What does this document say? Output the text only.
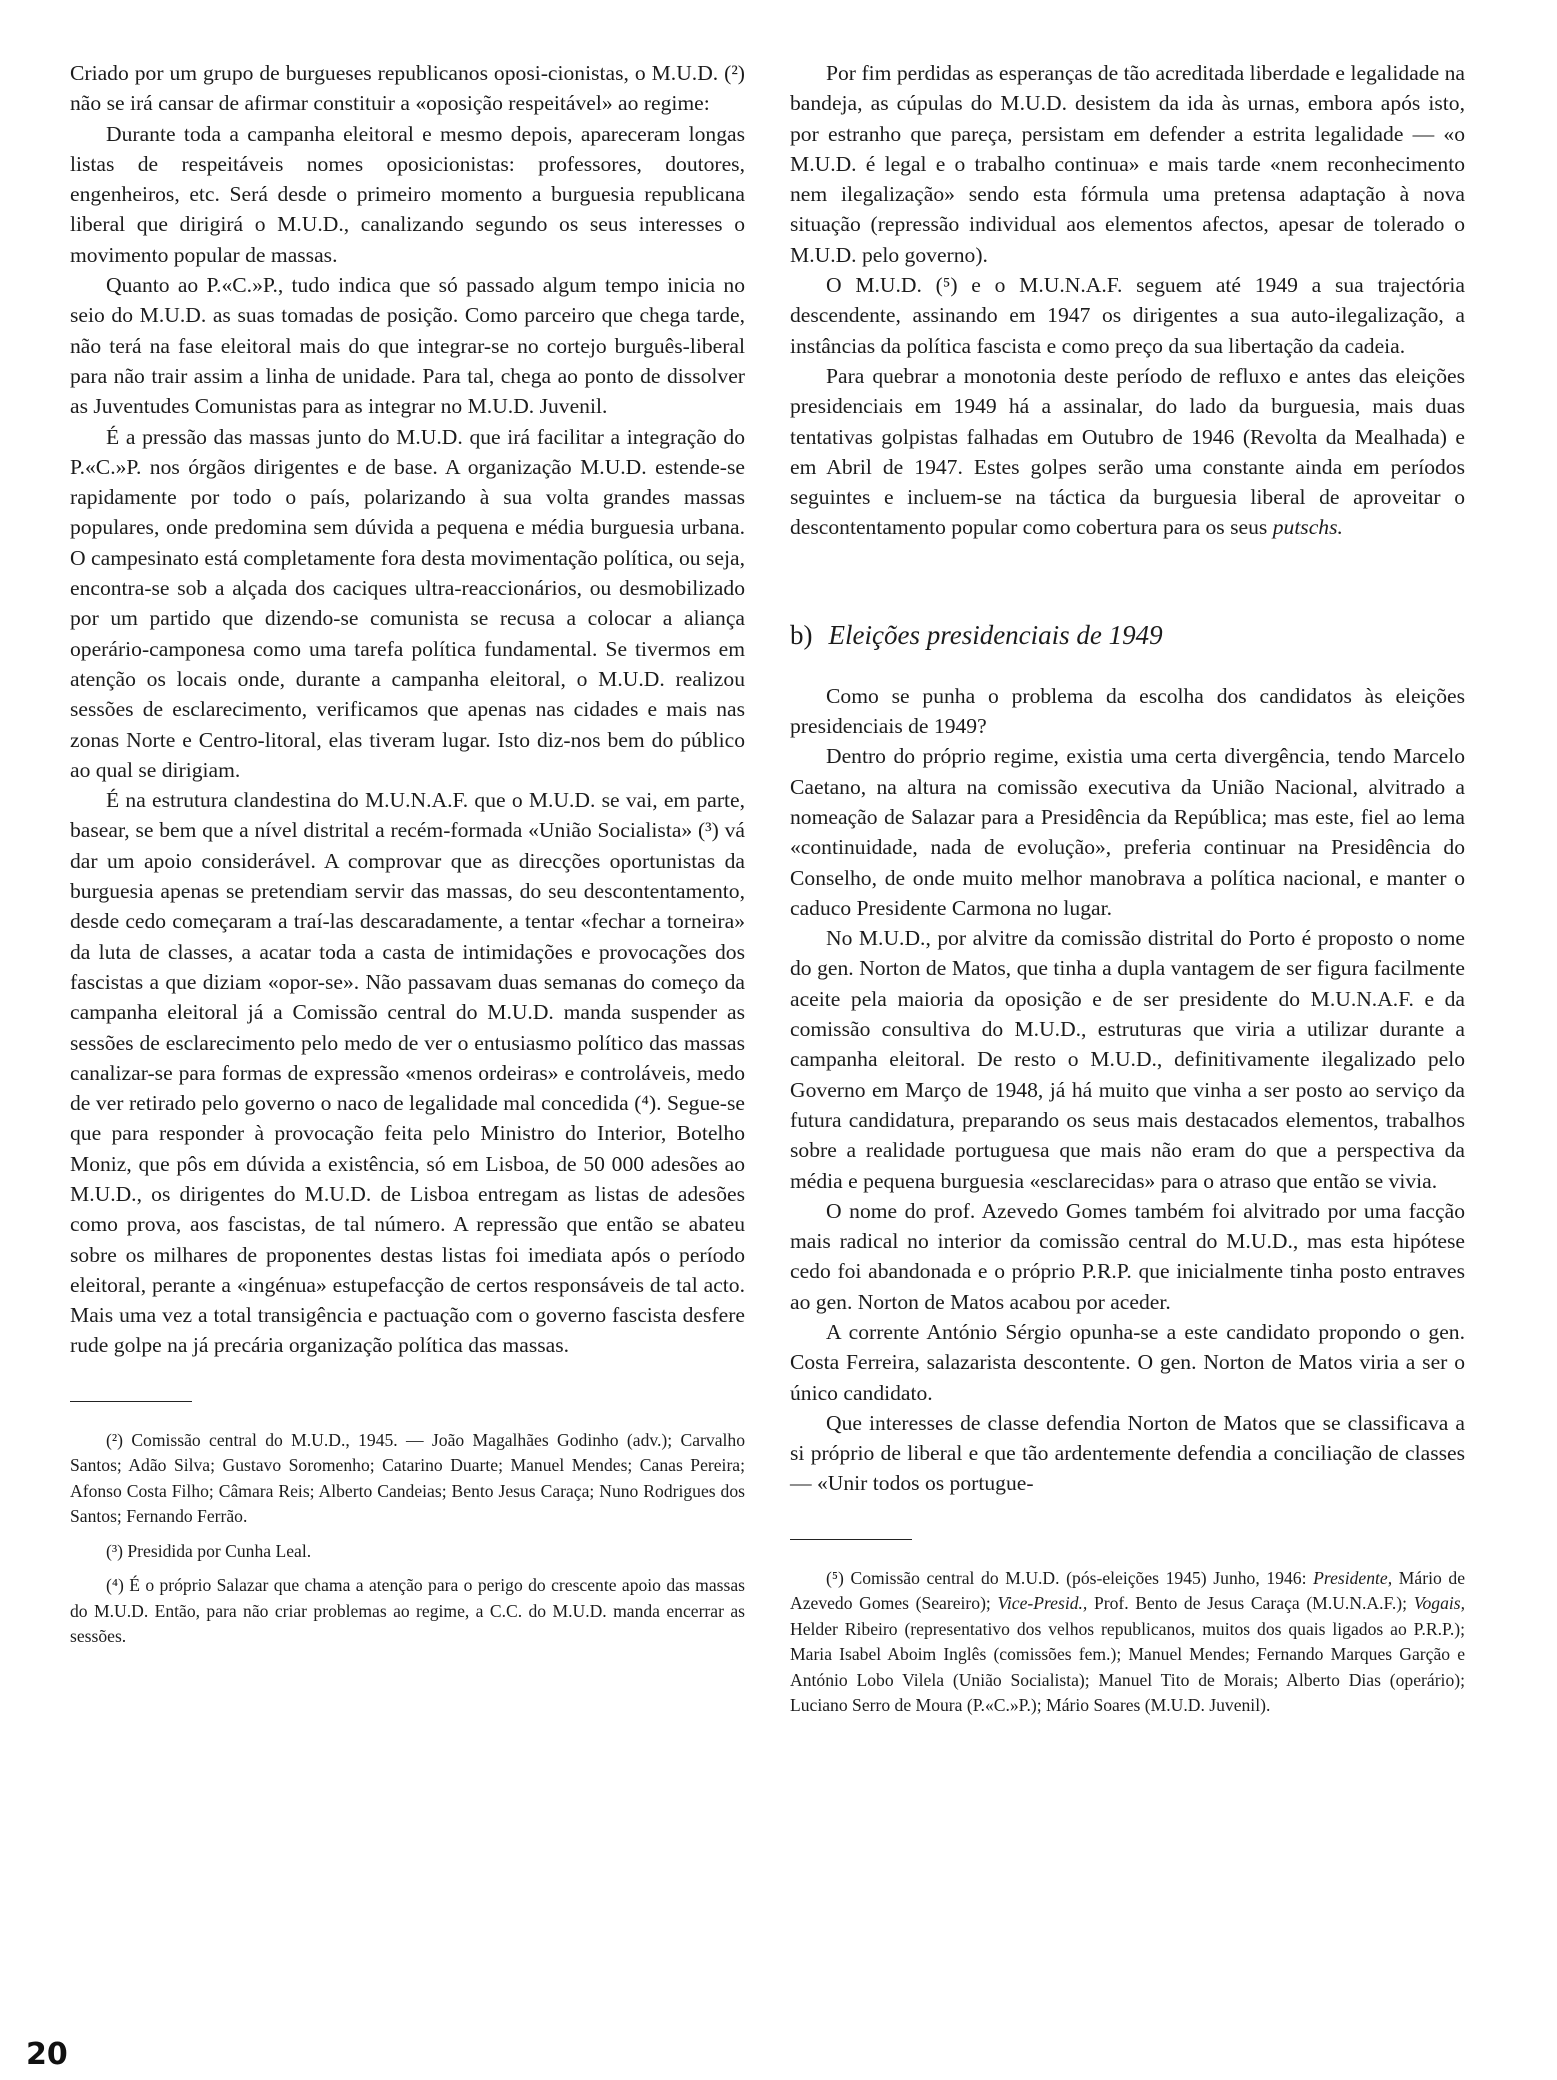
Criado por um grupo de burgueses republicanos oposi-cionistas, o M.U.D. (²) não se irá cansar de afirmar constituir a «oposição respeitável» ao regime:

Durante toda a campanha eleitoral e mesmo depois, apareceram longas listas de respeitáveis nomes oposicionistas: professores, doutores, engenheiros, etc. Será desde o primeiro momento a burguesia republicana liberal que dirigirá o M.U.D., canalizando segundo os seus interesses o movimento popular de massas.

Quanto ao P.«C.»P., tudo indica que só passado algum tempo inicia no seio do M.U.D. as suas tomadas de posição. Como parceiro que chega tarde, não terá na fase eleitoral mais do que integrar-se no cortejo burguês-liberal para não trair assim a linha de unidade. Para tal, chega ao ponto de dissolver as Juventudes Comunistas para as integrar no M.U.D. Juvenil.

É a pressão das massas junto do M.U.D. que irá facilitar a integração do P.«C.»P. nos órgãos dirigentes e de base. A organização M.U.D. estende-se rapidamente por todo o país, polarizando à sua volta grandes massas populares, onde predomina sem dúvida a pequena e média burguesia urbana. O campesinato está completamente fora desta movimentação política, ou seja, encontra-se sob a alçada dos caciques ultra-reaccionários, ou desmobilizado por um partido que dizendo-se comunista se recusa a colocar a aliança operário-camponesa como uma tarefa política fundamental. Se tivermos em atenção os locais onde, durante a campanha eleitoral, o M.U.D. realizou sessões de esclarecimento, verificamos que apenas nas cidades e mais nas zonas Norte e Centro-litoral, elas tiveram lugar. Isto diz-nos bem do público ao qual se dirigiam.

É na estrutura clandestina do M.U.N.A.F. que o M.U.D. se vai, em parte, basear, se bem que a nível distrital a recém-formada «União Socialista» (³) vá dar um apoio considerável. A comprovar que as direcções oportunistas da burguesia apenas se pretendiam servir das massas, do seu descontentamento, desde cedo começaram a traí-las descaradamente, a tentar «fechar a torneira» da luta de classes, a acatar toda a casta de intimidações e provocações dos fascistas a que diziam «opor-se». Não passavam duas semanas do começo da campanha eleitoral já a Comissão central do M.U.D. manda suspender as sessões de esclarecimento pelo medo de ver o entusiasmo político das massas canalizar-se para formas de expressão «menos ordeiras» e controláveis, medo de ver retirado pelo governo o naco de legalidade mal concedida (⁴). Segue-se que para responder à provocação feita pelo Ministro do Interior, Botelho Moniz, que pôs em dúvida a existência, só em Lisboa, de 50 000 adesões ao M.U.D., os dirigentes do M.U.D. de Lisboa entregam as listas de adesões como prova, aos fascistas, de tal número. A repressão que então se abateu sobre os milhares de proponentes destas listas foi imediata após o período eleitoral, perante a «ingénua» estupefacção de certos responsáveis de tal acto. Mais uma vez a total transigência e pactuação com o governo fascista desfere rude golpe na já precária organização política das massas.

(²) Comissão central do M.U.D., 1945. — João Magalhães Godinho (adv.); Carvalho Santos; Adão Silva; Gustavo Soromenho; Catarino Duarte; Manuel Mendes; Canas Pereira; Afonso Costa Filho; Câmara Reis; Alberto Candeias; Bento Jesus Caraça; Nuno Rodrigues dos Santos; Fernando Ferrão.

(³) Presidida por Cunha Leal.

(⁴) É o próprio Salazar que chama a atenção para o perigo do crescente apoio das massas do M.U.D. Então, para não criar problemas ao regime, a C.C. do M.U.D. manda encerrar as sessões.

Por fim perdidas as esperanças de tão acreditada liberdade e legalidade na bandeja, as cúpulas do M.U.D. desistem da ida às urnas, embora após isto, por estranho que pareça, persistam em defender a estrita legalidade — «o M.U.D. é legal e o trabalho continua» e mais tarde «nem reconhecimento nem ilegalização» sendo esta fórmula uma pretensa adaptação à nova situação (repressão individual aos elementos afectos, apesar de tolerado o M.U.D. pelo governo).

O M.U.D. (⁵) e o M.U.N.A.F. seguem até 1949 a sua trajectória descendente, assinando em 1947 os dirigentes a sua auto-ilegalização, a instâncias da política fascista e como preço da sua libertação da cadeia.

Para quebrar a monotonia deste período de refluxo e antes das eleições presidenciais em 1949 há a assinalar, do lado da burguesia, mais duas tentativas golpistas falhadas em Outubro de 1946 (Revolta da Mealhada) e em Abril de 1947. Estes golpes serão uma constante ainda em períodos seguintes e incluem-se na táctica da burguesia liberal de aproveitar o descontentamento popular como cobertura para os seus putschs.

b) Eleições presidenciais de 1949

Como se punha o problema da escolha dos candidatos às eleições presidenciais de 1949?

Dentro do próprio regime, existia uma certa divergência, tendo Marcelo Caetano, na altura na comissão executiva da União Nacional, alvitrado a nomeação de Salazar para a Presidência da República; mas este, fiel ao lema «continuidade, nada de evolução», preferia continuar na Presidência do Conselho, de onde muito melhor manobrava a política nacional, e manter o caduco Presidente Carmona no lugar.

No M.U.D., por alvitre da comissão distrital do Porto é proposto o nome do gen. Norton de Matos, que tinha a dupla vantagem de ser figura facilmente aceite pela maioria da oposição e de ser presidente do M.U.N.A.F. e da comissão consultiva do M.U.D., estruturas que viria a utilizar durante a campanha eleitoral. De resto o M.U.D., definitivamente ilegalizado pelo Governo em Março de 1948, já há muito que vinha a ser posto ao serviço da futura candidatura, preparando os seus mais destacados elementos, trabalhos sobre a realidade portuguesa que mais não eram do que a perspectiva da média e pequena burguesia «esclarecidas» para o atraso que então se vivia.

O nome do prof. Azevedo Gomes também foi alvitrado por uma facção mais radical no interior da comissão central do M.U.D., mas esta hipótese cedo foi abandonada e o próprio P.R.P. que inicialmente tinha posto entraves ao gen. Norton de Matos acabou por aceder.

A corrente António Sérgio opunha-se a este candidato propondo o gen. Costa Ferreira, salazarista descontente. O gen. Norton de Matos viria a ser o único candidato.

Que interesses de classe defendia Norton de Matos que se classificava a si próprio de liberal e que tão ardentemente defendia a conciliação de classes — «Unir todos os portugue-

(⁵) Comissão central do M.U.D. (pós-eleições 1945) Junho, 1946: Presidente, Mário de Azevedo Gomes (Seareiro); Vice-Presid., Prof. Bento de Jesus Caraça (M.U.N.A.F.); Vogais, Helder Ribeiro (representativo dos velhos republicanos, muitos dos quais ligados ao P.R.P.); Maria Isabel Aboim Inglês (comissões fem.); Manuel Mendes; Fernando Marques Garção e António Lobo Vilela (União Socialista); Manuel Tito de Morais; Alberto Dias (operário); Luciano Serro de Moura (P.«C.»P.); Mário Soares (M.U.D. Juvenil).

20
